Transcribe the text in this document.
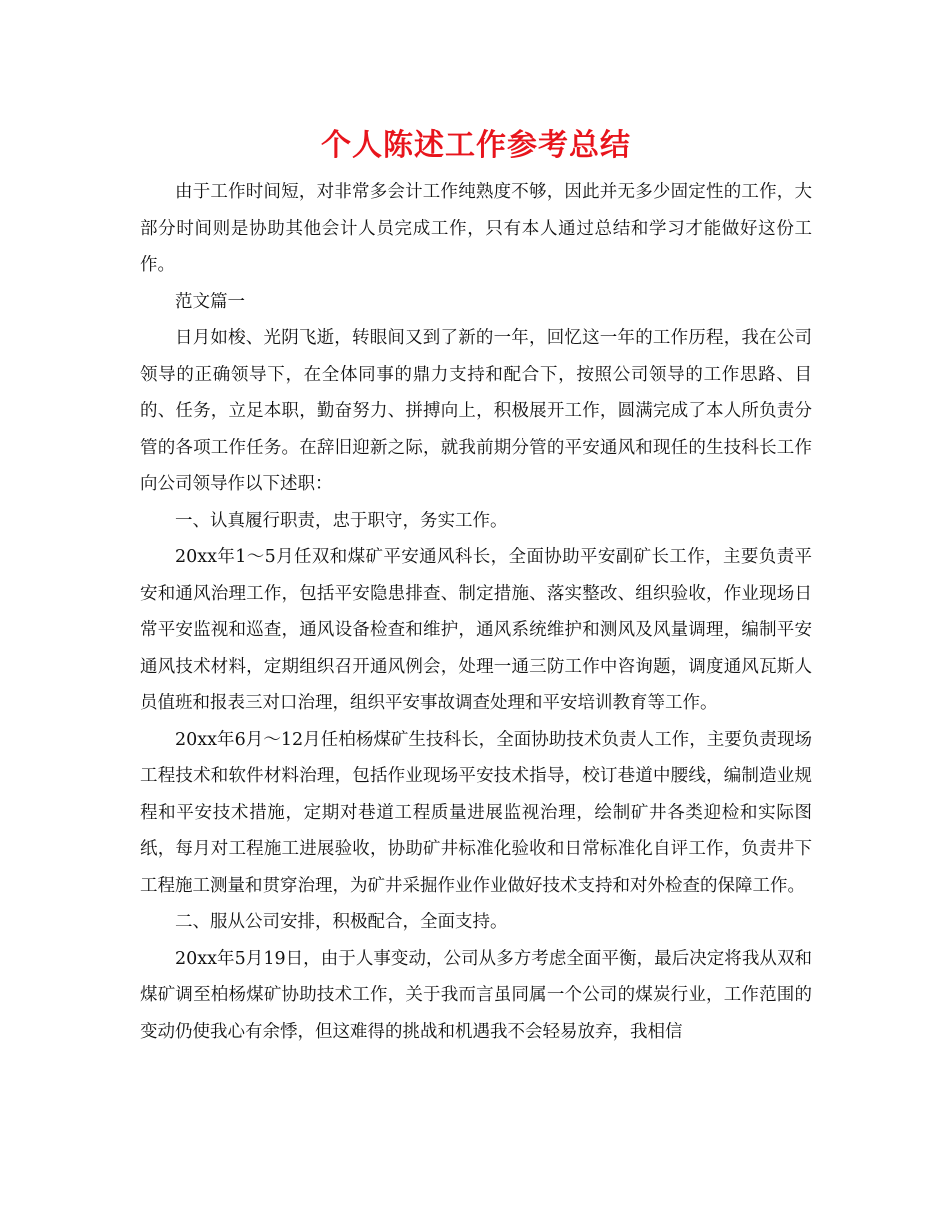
个人陈述工作参考总结

由于工作时间短，对非常多会计工作纯熟度不够，因此并无多少固定性的工作，大部分时间则是协助其他会计人员完成工作，只有本人通过总结和学习才能做好这份工作。

范文篇一

日月如梭、光阴飞逝，转眼间又到了新的一年，回忆这一年的工作历程，我在公司领导的正确领导下，在全体同事的鼎力支持和配合下，按照公司领导的工作思路、目的、任务，立足本职，勤奋努力、拼搏向上，积极展开工作，圆满完成了本人所负责分管的各项工作任务。在辞旧迎新之际，就我前期分管的平安通风和现任的生技科长工作向公司领导作以下述职：

一、认真履行职责，忠于职守，务实工作。

20xx年1～5月任双和煤矿平安通风科长，全面协助平安副矿长工作，主要负责平安和通风治理工作，包括平安隐患排查、制定措施、落实整改、组织验收，作业现场日常平安监视和巡查，通风设备检查和维护，通风系统维护和测风及风量调理，编制平安通风技术材料，定期组织召开通风例会，处理一通三防工作中咨询题，调度通风瓦斯人员值班和报表三对口治理，组织平安事故调查处理和平安培训教育等工作。

20xx年6月～12月任柏杨煤矿生技科长，全面协助技术负责人工作，主要负责现场工程技术和软件材料治理，包括作业现场平安技术指导，校订巷道中腰线，编制造业规程和平安技术措施，定期对巷道工程质量进展监视治理，绘制矿井各类迎检和实际图纸，每月对工程施工进展验收，协助矿井标准化验收和日常标准化自评工作，负责井下工程施工测量和贯穿治理，为矿井采掘作业作业做好技术支持和对外检查的保障工作。

二、服从公司安排，积极配合，全面支持。

20xx年5月19日，由于人事变动，公司从多方考虑全面平衡，最后决定将我从双和煤矿调至柏杨煤矿协助技术工作，关于我而言虽同属一个公司的煤炭行业，工作范围的变动仍使我心有余悸，但这难得的挑战和机遇我不会轻易放弃，我相信
